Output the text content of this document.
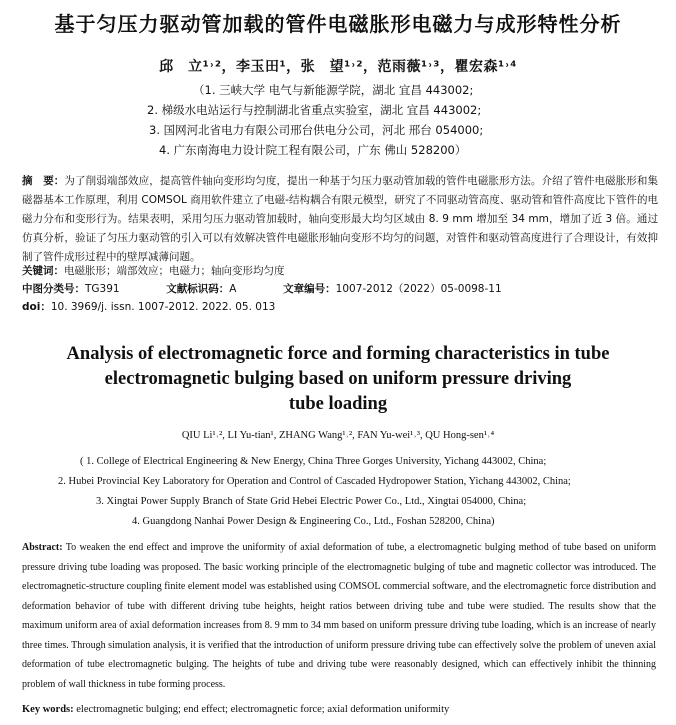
基于匀压力驱动管加载的管件电磁胀形电磁力与成形特性分析
邱　立¹˒²，李玉田¹，张　望¹˒²，范雨薇¹˒³，瞿宏森¹˒⁴
（1. 三峡大学 电气与新能源学院，湖北 宜昌 443002;
2. 梯级水电站运行与控制湖北省重点实验室，湖北 宜昌 443002;
3. 国网河北省电力有限公司邢台供电分公司，河北 邢台 054000;
4. 广东南海电力设计院工程有限公司，广东 佛山 528200）
摘　要：为了削弱端部效应，提高管件轴向变形均匀度，提出一种基于匀压力驱动管加载的管件电磁胀形方法。介绍了管件电磁胀形和集磁器基本工作原理，利用 COMSOL 商用软件建立了电磁-结构耦合有限元模型，研究了不同驱动管高度、驱动管和管件高度比下管件的电磁力分布和变形行为。结果表明，采用匀压力驱动管加载时，轴向变形最大均匀区域由 8. 9 mm 增加至 34 mm，增加了近 3 倍。通过仿真分析，验证了匀压力驱动管的引入可以有效解决管件电磁胀形轴向变形不均匀的问题，对管件和驱动管高度进行了合理设计，有效抑制了管件成形过程中的壁厚减薄问题。
关键词：电磁胀形；端部效应；电磁力；轴向变形均匀度
中图分类号：TG391	文献标识码：A	文章编号：1007-2012（2022）05-0098-11
doi：10. 3969/j. issn. 1007-2012. 2022. 05. 013
Analysis of electromagnetic force and forming characteristics in tube
electromagnetic bulging based on uniform pressure driving
tube loading
QIU Li¹˒², LI Yu-tian¹, ZHANG Wang¹˒², FAN Yu-wei¹˒³, QU Hong-sen¹˒⁴
( 1. College of Electrical Engineering & New Energy, China Three Gorges University, Yichang 443002, China;
2. Hubei Provincial Key Laboratory for Operation and Control of Cascaded Hydropower Station, Yichang 443002, China;
3. Xingtai Power Supply Branch of State Grid Hebei Electric Power Co., Ltd., Xingtai 054000, China;
4. Guangdong Nanhai Power Design & Engineering Co., Ltd., Foshan 528200, China)
Abstract: To weaken the end effect and improve the uniformity of axial deformation of tube, a electromagnetic bulging method of tube based on uniform pressure driving tube loading was proposed. The basic working principle of the electromagnetic bulging of tube and magnetic collector was introduced. The electromagnetic-structure coupling finite element model was established using COMSOL commercial software, and the electromagnetic force distribution and deformation behavior of tube with different driving tube heights, height ratios between driving tube and tube were studied. The results show that the maximum uniform area of axial deformation increases from 8. 9 mm to 34 mm based on uniform pressure driving tube loading, which is an increase of nearly three times. Through simulation analysis, it is verified that the introduction of uniform pressure driving tube can effectively solve the problem of uneven axial deformation of tube electromagnetic bulging. The heights of tube and driving tube were reasonably designed, which can effectively inhibit the thinning problem of wall thickness in tube forming process.
Key words: electromagnetic bulging; end effect; electromagnetic force; axial deformation uniformity
